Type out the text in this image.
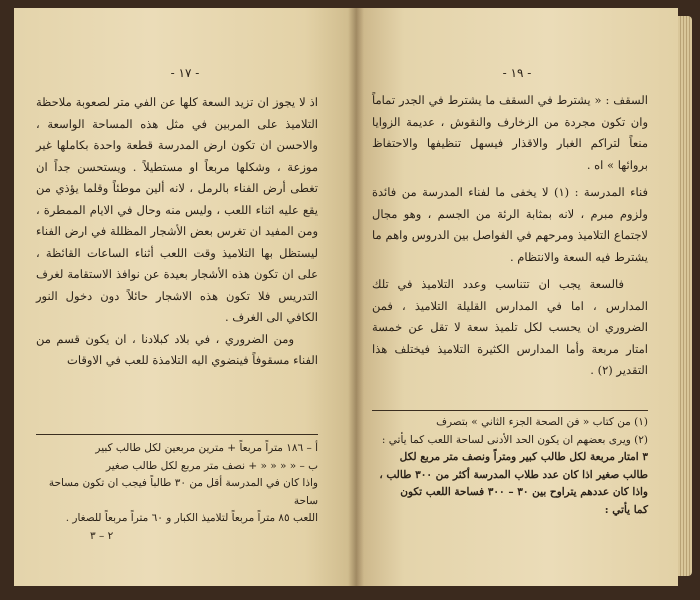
- ١٧ -

اذ لا يجوز ان تزيد السعة كلها عن الفي متر لصعوبة ملاحظة التلاميذ على المربين في مثل هذه المساحة الواسعة ، والاحسن ان تكون ارض المدرسة قطعة واحدة بكاملها غير موزعة ، وشكلها مربعاً او مستطيلاً . ويستحسن جداً ان تغطى أرض الفناء بالرمل ، لانه ألين موطئاً وقلما يؤذي من يقع عليه اثناء اللعب ، وليس منه وحال في الايام الممطرة ، ومن المفيد ان تغرس بعض الأشجار المظللة في ارض الفناء ليستظل بها التلاميذ وقت اللعب أثناء الساعات القائظة ، على ان تكون هذه الأشجار بعيدة عن نوافذ الاستقامة لغرف التدريس فلا تكون هذه الاشجار حائلاً دون دخول النور الكافي الى الغرف .

ومن الضروري ، في بلاد كبلادنا ، ان يكون قسم من الفناء مسقوفاً فينضوي اليه التلامذة للعب في الاوقات

أ – ١٨٦ متراً مربعاً + مترين مربعين لكل طالب كبير
ب – « « « « + نصف متر مربع لكل طالب صغير
واذا كان في المدرسة أقل من ٣٠ طالباً فيجب ان تكون مساحة ساحة
اللعب ٨٥ متراً مربعاً لتلاميذ الكبار و ٦٠ متراً مربعاً للصغار .
٢ – ٣
- ١٩ -

السقف : « يشترط في السقف ما يشترط في الجدر تماماً وان تكون مجردة من الزخارف والنقوش ، عديمة الزوايا منعاً لتراكم الغبار والاقذار فيسهل تنظيفها والاحتفاظ بروائها » اه .

فناء المدرسة : (١) لا يخفى ما لفناء المدرسة من فائدة ولزوم مبرم ، لانه بمثابة الرئة من الجسم ، وهو مجال لاجتماع التلاميذ ومرحهم في الفواصل بين الدروس واهم ما يشترط فيه السعة والانتظام .

فالسعة يجب ان تتناسب وعدد التلاميذ في تلك المدارس ، اما في المدارس القليلة التلاميذ ، فمن الضروري ان يحسب لكل تلميذ سعة لا تقل عن خمسة امتار مربعة وأما المدارس الكثيرة التلاميذ فيختلف هذا التقدير (٢) .

(١) من كتاب « فن الصحة الجزء الثاني » بتصرف
(٢) ويرى بعضهم ان يكون الحد الأدنى لساحة اللعب كما يأتي :
٣ امتار مربعة لكل طالب كبير ومتراً ونصف متر مربع لكل
طالب صغير اذا كان عدد طلاب المدرسة أكثر من ٣٠٠ طالب ،
واذا كان عددهم يتراوح بين ٣٠ – ٣٠٠ فساحة اللعب تكون
كما يأتي :
